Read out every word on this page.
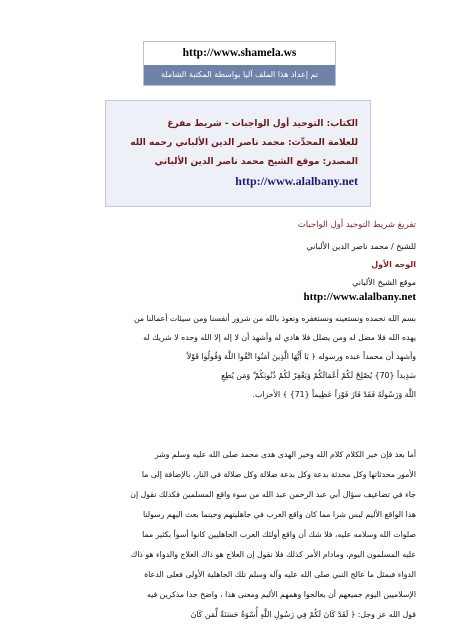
http://www.shamela.ws
تم إعداد هذا الملف آليا بواسطة المكتبة الشاملة
الكتاب: التوحيد أول الواجبات - شريط مفرغ
للعلامة المحدِّث: محمد ناصر الدين الألباني رحمه الله
المصدر: موقع الشيخ محمد ناصر الدين الألباني
http://www.alalbany.net
تفريغ شريط التوحيد أول الواجبات
للشيخ / محمد ناصر الدين الألباني
الوجه الأول
موقع الشيخ الألباني
http://www.alalbany.net
بسم الله نحمده ونستعينه ونستغفره ونعوذ بالله من شرور أنفسنا ومن سيئات أعمالنا من
يهده الله فلا مضل له ومن يضلل فلا هادي له وأشهد أن لا إله إلا الله وحده لا شريك له
وأشهد أن محمداً عبده ورسوله ﴿ يَا أَيُّهَا الَّذِينَ آمَنُوا اتَّقُوا اللَّهَ وَقُولُوا قَوْلاً
سَدِيداً {70} يُصْلِحْ لَكُمْ أَعْمَالَكُمْ وَيَغْفِرْ لَكُمْ ذُنُوبَكُمْ ۗ وَمَن يُطِعِ
اللَّهَ وَرَسُولَهُ فَقَدْ فَازَ فَوْزاً عَظِيماً {71} ﴾ الأحزاب.
أما بعد فإن خير الكلام كلام الله وخير الهدى هدى محمد صلى الله عليه وسلم وشر
الأمور محدثاتها وكل محدثة بدعة وكل بدعة ضلالة وكل ضلالة في النار، بالإضافة إلى ما
جاء في تضاعيف سؤال أبي عبد الرحمن عبد الله من سوء واقع المسلمين فكذلك نقول إن
هذا الواقع الأليم ليس شرا مما كان واقع العرب في جاهليتهم وحينما بعث اليهم رسولنا
صلوات الله وسلامه عليه، فلا شك أن واقع أولئك العرب الجاهليين كانوا أسوأ بكثير مما
عليه المسلمون اليوم، ومادام الأمر كذلك فلا نقول إن العلاج هو ذاك العلاج والدواء هو ذاك
الدواء فبمثل ما عالج النبي صلى الله عليه وآله وسلم تلك الجاهلية الأولى فعلى الدعاة
الإسلاميين اليوم جميعهم أن يعالجوا وهمهم الأليم ومعنى هذا ، واضح جدا مذكرين فيه
قول الله عز وجل: ﴿ لَقَدْ كَانَ لَكُمْ فِي رَسُولِ اللَّهِ أُسْوَةٌ حَسَنَةٌ لِّمَن كَانَ
